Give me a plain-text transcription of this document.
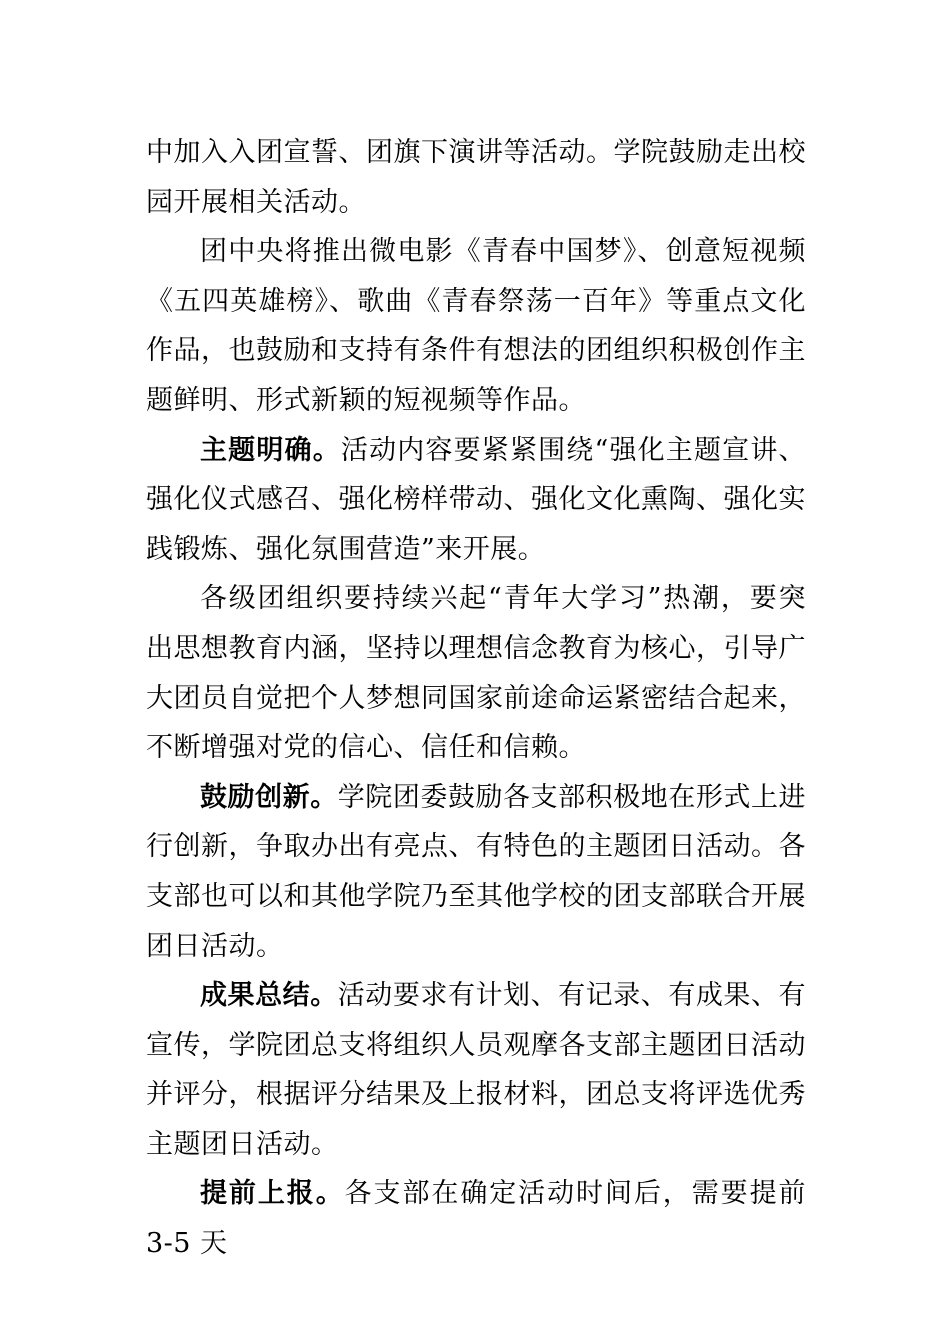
中加入入团宣誓、团旗下演讲等活动。学院鼓励走出校园开展相关活动。

团中央将推出微电影《青春中国梦》、创意短视频《五四英雄榜》、歌曲《青春祭荡一百年》等重点文化作品，也鼓励和支持有条件有想法的团组织积极创作主题鲜明、形式新颖的短视频等作品。

主题明确。活动内容要紧紧围绕“强化主题宣讲、强化仪式感召、强化榜样带动、强化文化熏陶、强化实践锻炼、强化氛围营造”来开展。

各级团组织要持续兴起“青年大学习”热潮，要突出思想教育内涵，坚持以理想信念教育为核心，引导广大团员自觉把个人梦想同国家前途命运紧密结合起来，不断增强对党的信心、信任和信赖。

鼓励创新。学院团委鼓励各支部积极地在形式上进行创新，争取办出有亮点、有特色的主题团日活动。各支部也可以和其他学院乃至其他学校的团支部联合开展团日活动。

成果总结。活动要求有计划、有记录、有成果、有宣传，学院团总支将组织人员观摩各支部主题团日活动并评分，根据评分结果及上报材料，团总支将评选优秀主题团日活动。

提前上报。各支部在确定活动时间后，需要提前 3-5 天
